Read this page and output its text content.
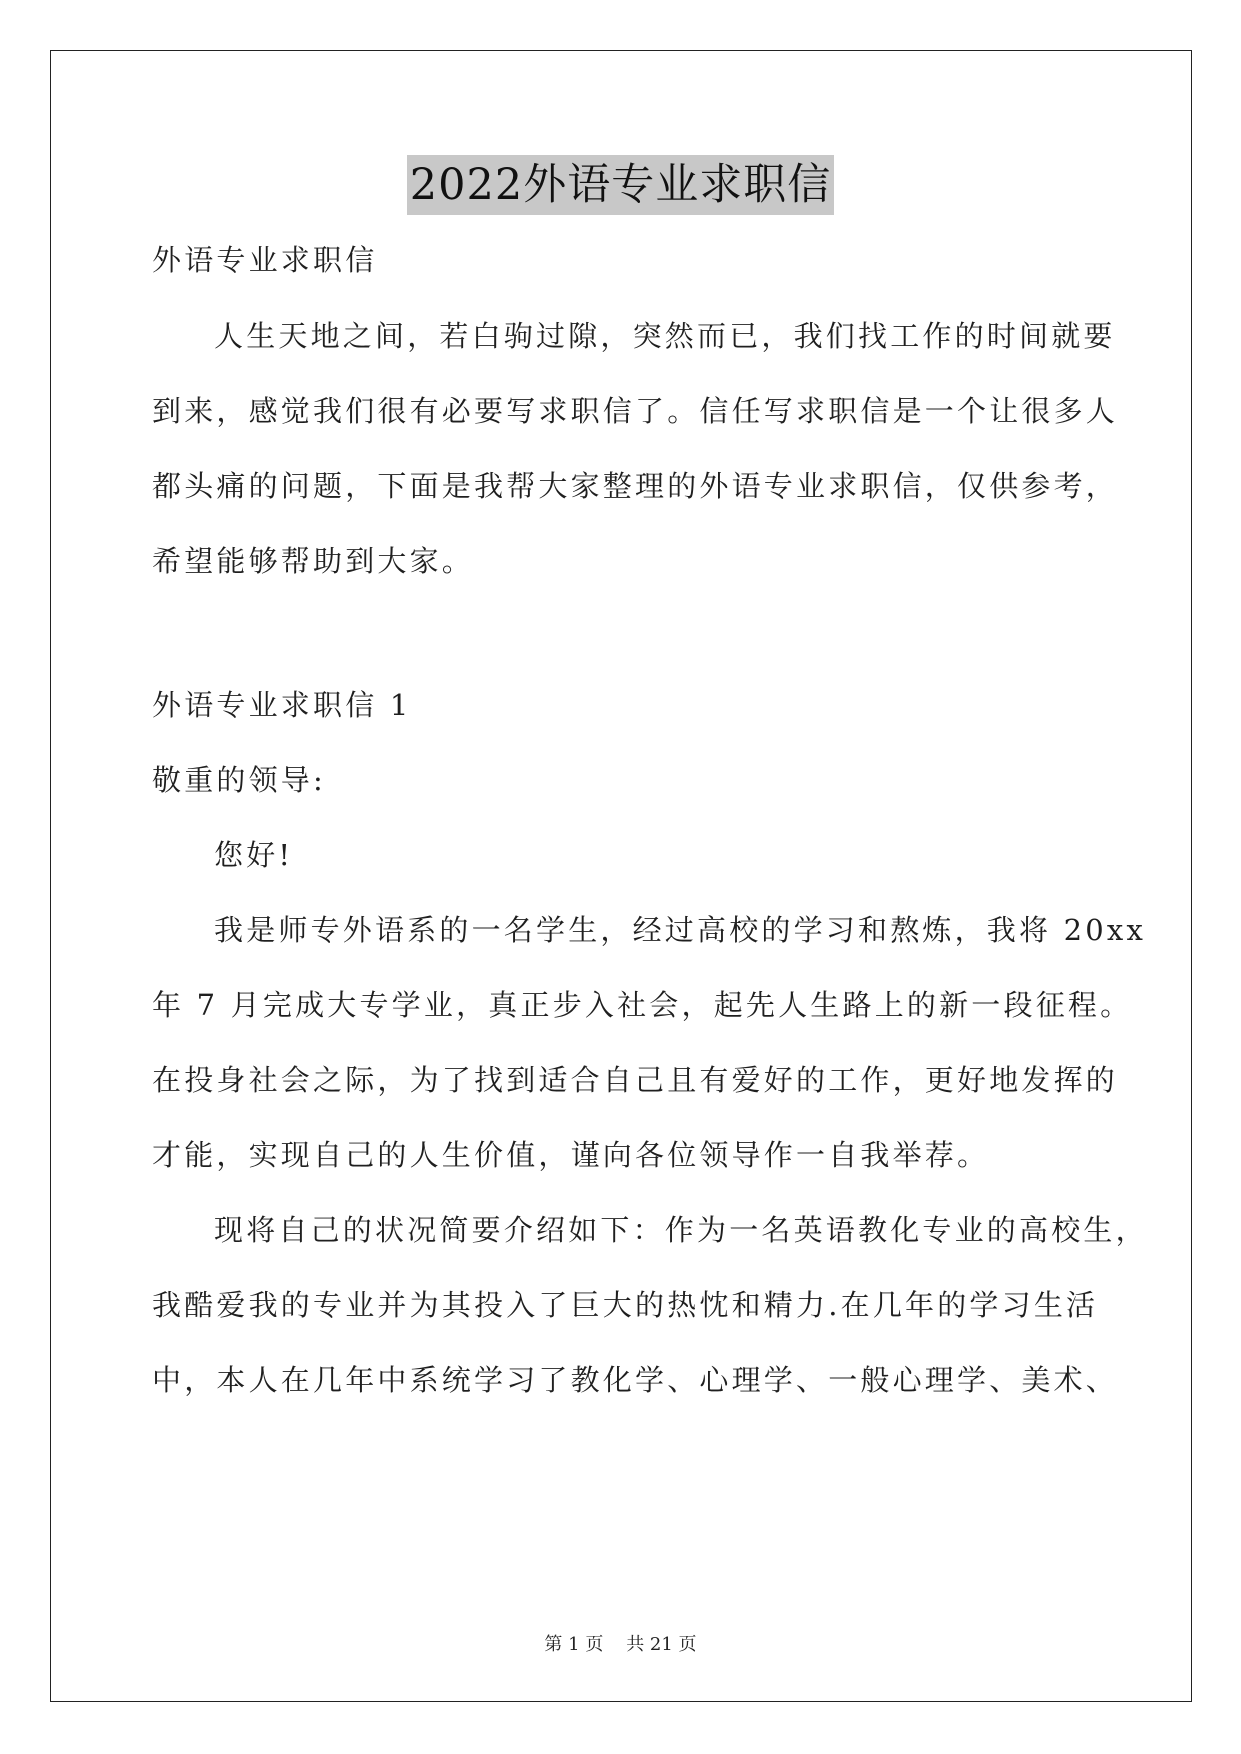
2022外语专业求职信
外语专业求职信
人生天地之间，若白驹过隙，突然而已，我们找工作的时间就要
到来，感觉我们很有必要写求职信了。信任写求职信是一个让很多人
都头痛的问题，下面是我帮大家整理的外语专业求职信，仅供参考，
希望能够帮助到大家。
外语专业求职信 1
敬重的领导:
您好!
我是师专外语系的一名学生，经过高校的学习和熬炼，我将 20xx
年 7 月完成大专学业，真正步入社会，起先人生路上的新一段征程。
在投身社会之际，为了找到适合自己且有爱好的工作，更好地发挥的
才能，实现自己的人生价值，谨向各位领导作一自我举荐。
现将自己的状况简要介绍如下：作为一名英语教化专业的高校生，
我酷爱我的专业并为其投入了巨大的热忱和精力.在几年的学习生活
中，本人在几年中系统学习了教化学、心理学、一般心理学、美术、
第 1 页    共 21 页
